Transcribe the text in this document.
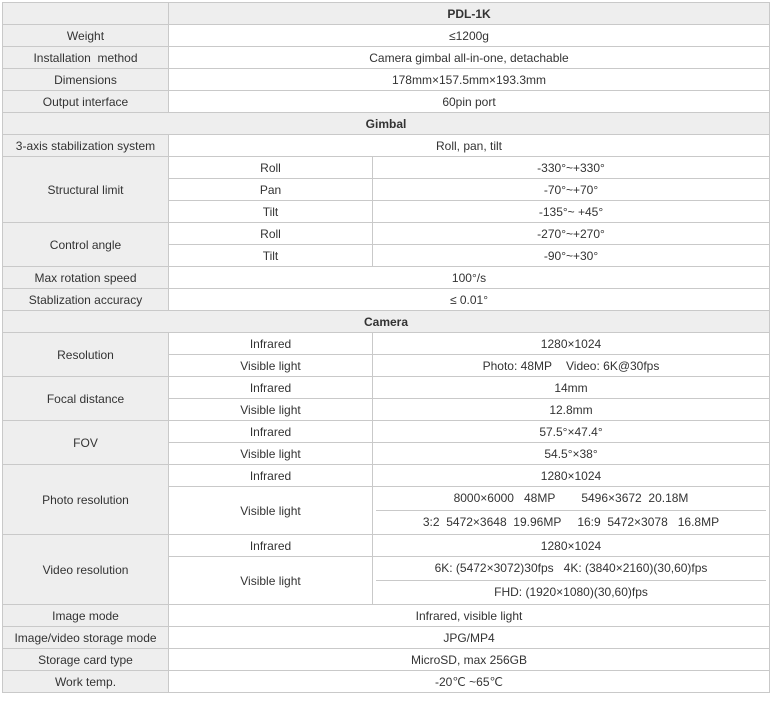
	PDL-1K	
Weight	≤1200g	
Installation  method	Camera gimbal all-in-one, detachable	
Dimensions	178mm×157.5mm×193.3mm	
Output interface	60pin port	
Gimbal		
3-axis stabilization system	Roll, pan, tilt	
Structural limit	Roll	-330°~+330°
	Pan	-70°~+70°
	Tilt	-135°~ +45°
Control angle	Roll	-270°~+270°
	Tilt	-90°~+30°
Max rotation speed	100°/s	
Stablization accuracy	≤ 0.01°	
Camera		
Resolution	Infrared	1280×1024
	Visible light	Photo: 48MP Video: 6K@30fps
Focal distance	Infrared	14mm
	Visible light	12.8mm
FOV	Infrared	57.5°×47.4°
	Visible light	54.5°×38°
Photo resolution	Infrared	1280×1024
	Visible light	8000×6000   48MP 5496×3672  20.18M
3:2  5472×3648  19.96MP 16:9  5472×3078   16.8MP

Video resolution	Infrared	1280×1024
	Visible light	6K: (5472×3072)30fps   4K: (3840×2160)(30,60)fps
FHD: (1920×1080)(30,60)fps

Image mode	Infrared, visible light	
Image/video storage mode	JPG/MP4	
Storage card type	MicroSD, max 256GB	
Work temp.	-20℃ ~65℃	
